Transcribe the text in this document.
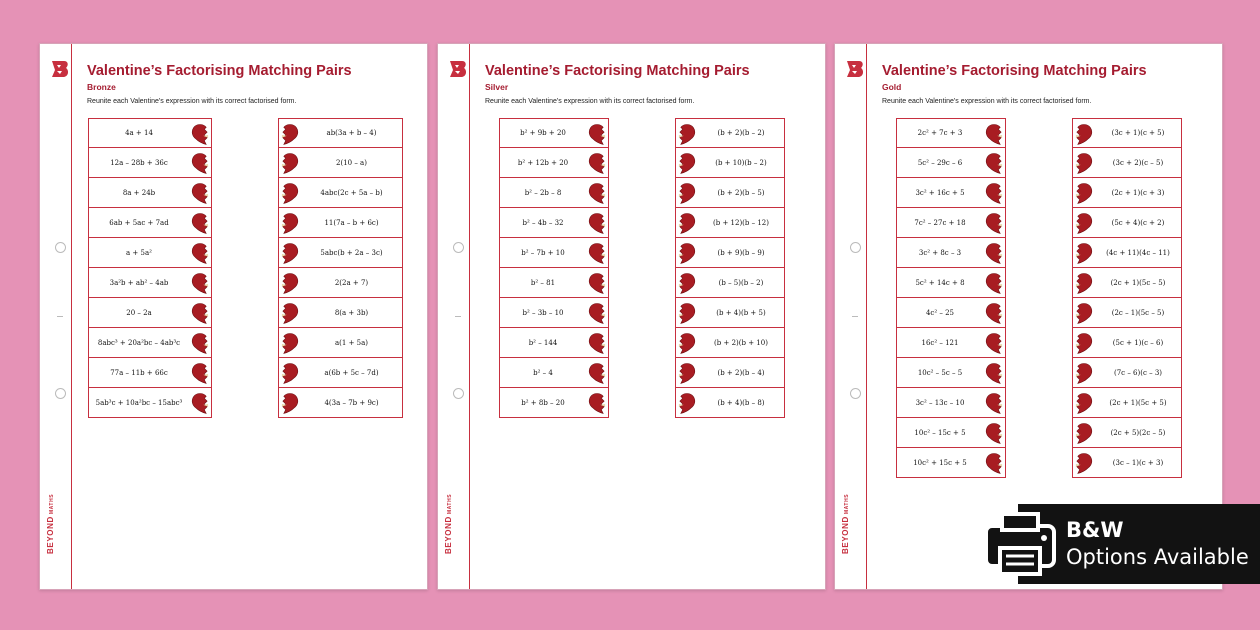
BEYONDMATHS
Valentine’s Factorising Matching Pairs
Bronze
Reunite each Valentine’s expression with its correct factorised form.
4a + 14
12a – 28b + 36c
8a + 24b
6ab + 5ac + 7ad
a + 5a²
3a²b + ab² – 4ab
20 – 2a
8abc³ + 20a²bc – 4ab³c
77a – 11b + 66c
5ab³c + 10a²bc – 15abc³
ab(3a + b – 4)
2(10 – a)
4abc(2c + 5a – b)
11(7a – b + 6c)
5abc(b + 2a – 3c)
2(2a + 7)
8(a + 3b)
a(1 + 5a)
a(6b + 5c – 7d)
4(3a – 7b + 9c)
BEYONDMATHS
Valentine’s Factorising Matching Pairs
Silver
Reunite each Valentine’s expression with its correct factorised form.
b² + 9b + 20
b² + 12b + 20
b² – 2b – 8
b² – 4b – 32
b² – 7b + 10
b² – 81
b² – 3b – 10
b² – 144
b² – 4
b² + 8b – 20
(b + 2)(b – 2)
(b + 10)(b – 2)
(b + 2)(b – 5)
(b + 12)(b – 12)
(b + 9)(b – 9)
(b – 5)(b – 2)
(b + 4)(b + 5)
(b + 2)(b + 10)
(b + 2)(b – 4)
(b + 4)(b – 8)
BEYONDMATHS
Valentine’s Factorising Matching Pairs
Gold
Reunite each Valentine’s expression with its correct factorised form.
2c² + 7c + 3
5c² – 29c – 6
3c² + 16c + 5
7c² – 27c + 18
3c² + 8c – 3
5c² + 14c + 8
4c² – 25
16c² – 121
10c² – 5c – 5
3c² – 13c – 10
10c² – 15c + 5
10c² + 15c + 5
(3c + 1)(c + 5)
(3c + 2)(c – 5)
(2c + 1)(c + 3)
(5c + 4)(c + 2)
(4c + 11)(4c – 11)
(2c + 1)(5c – 5)
(2c – 1)(5c – 5)
(5c + 1)(c – 6)
(7c – 6)(c – 3)
(2c + 1)(5c + 5)
(2c + 5)(2c – 5)
(3c – 1)(c + 3)
B&W
Options Available
